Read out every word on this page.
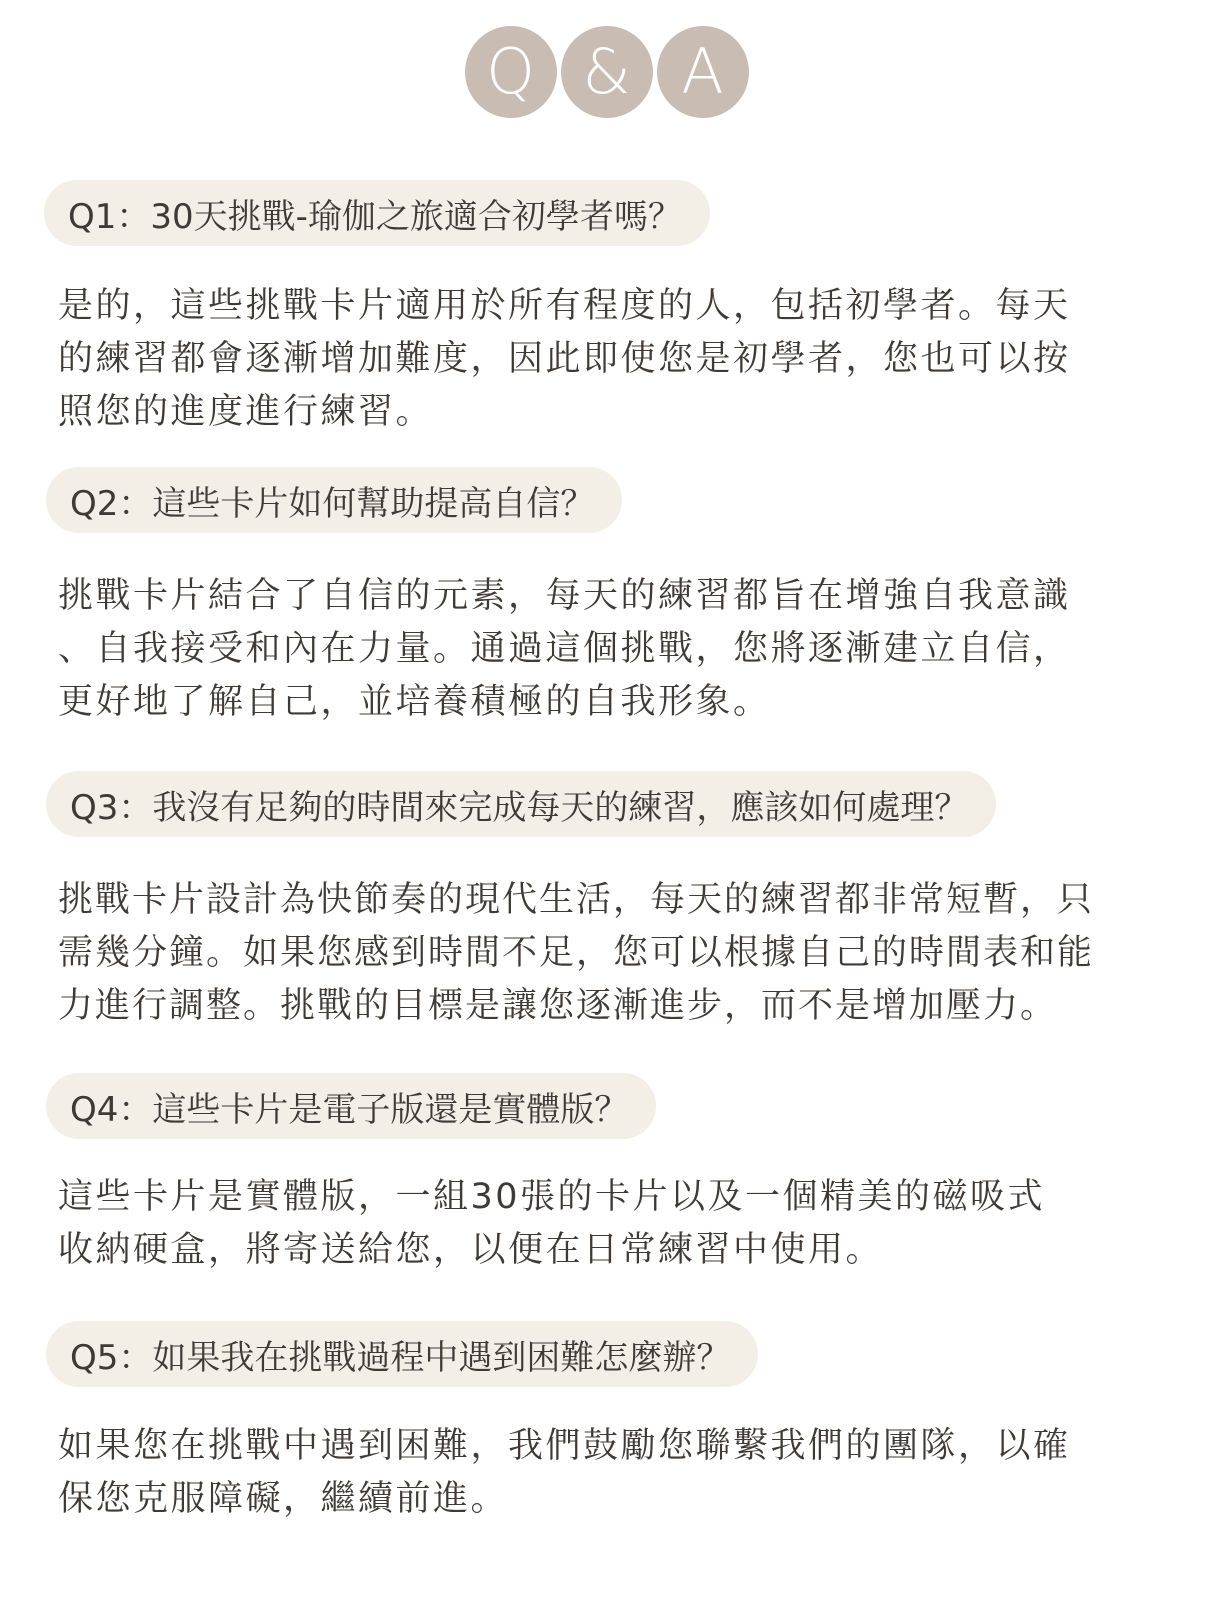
Q & A
Q1：30天挑戰-瑜伽之旅適合初學者嗎？
是的，這些挑戰卡片適用於所有程度的人，包括初學者。每天
的練習都會逐漸增加難度，因此即使您是初學者，您也可以按
照您的進度進行練習。
Q2：這些卡片如何幫助提高自信？
挑戰卡片結合了自信的元素，每天的練習都旨在增強自我意識
、自我接受和內在力量。通過這個挑戰，您將逐漸建立自信，
更好地了解自己，並培養積極的自我形象。
Q3：我沒有足夠的時間來完成每天的練習，應該如何處理？
挑戰卡片設計為快節奏的現代生活，每天的練習都非常短暫，只
需幾分鐘。如果您感到時間不足，您可以根據自己的時間表和能
力進行調整。挑戰的目標是讓您逐漸進步，而不是增加壓力。
Q4：這些卡片是電子版還是實體版？
這些卡片是實體版，一組30張的卡片以及一個精美的磁吸式
收納硬盒，將寄送給您，以便在日常練習中使用。
Q5：如果我在挑戰過程中遇到困難怎麼辦？
如果您在挑戰中遇到困難，我們鼓勵您聯繫我們的團隊，以確
保您克服障礙，繼續前進。
